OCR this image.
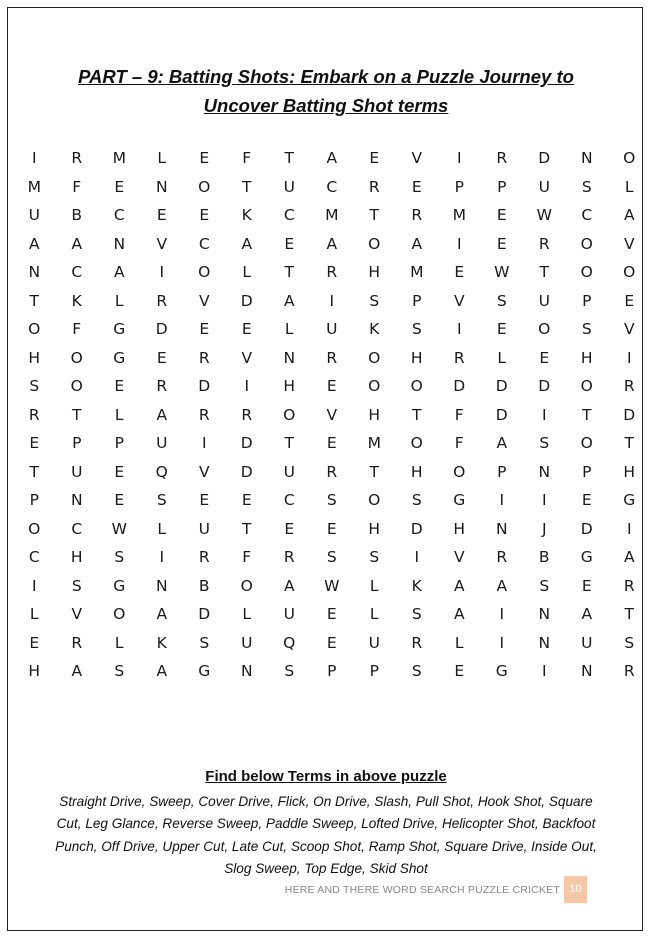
PART – 9: Batting Shots: Embark on a Puzzle Journey to
Uncover Batting Shot terms
I	R	M	L	E	F	T	A	E	V	I	R	D	N	O
M	F	E	N	O	T	U	C	R	E	P	P	U	S	L
U	B	C	E	E	K	C	M	T	R	M	E	W	C	A
A	A	N	V	C	A	E	A	O	A	I	E	R	O	V
N	C	A	I	O	L	T	R	H	M	E	W	T	O	O
T	K	L	R	V	D	A	I	S	P	V	S	U	P	E
O	F	G	D	E	E	L	U	K	S	I	E	O	S	V
H	O	G	E	R	V	N	R	O	H	R	L	E	H	I
S	O	E	R	D	I	H	E	O	O	D	D	D	O	R
R	T	L	A	R	R	O	V	H	T	F	D	I	T	D
E	P	P	U	I	D	T	E	M	O	F	A	S	O	T
T	U	E	Q	V	D	U	R	T	H	O	P	N	P	H
P	N	E	S	E	E	C	S	O	S	G	I	I	E	G
O	C	W	L	U	T	E	E	H	D	H	N	J	D	I
C	H	S	I	R	F	R	S	S	I	V	R	B	G	A
I	S	G	N	B	O	A	W	L	K	A	A	S	E	R
L	V	O	A	D	L	U	E	L	S	A	I	N	A	T
E	R	L	K	S	U	Q	E	U	R	L	I	N	U	S
H	A	S	A	G	N	S	P	P	S	E	G	I	N	R
Find below Terms in above puzzle
Straight Drive, Sweep, Cover Drive, Flick, On Drive, Slash, Pull Shot, Hook Shot, Square Cut, Leg Glance, Reverse Sweep, Paddle Sweep, Lofted Drive, Helicopter Shot, Backfoot Punch, Off Drive, Upper Cut, Late Cut, Scoop Shot, Ramp Shot, Square Drive, Inside Out, Slog Sweep, Top Edge, Skid Shot
HERE AND THERE WORD SEARCH PUZZLE CRICKET 10
